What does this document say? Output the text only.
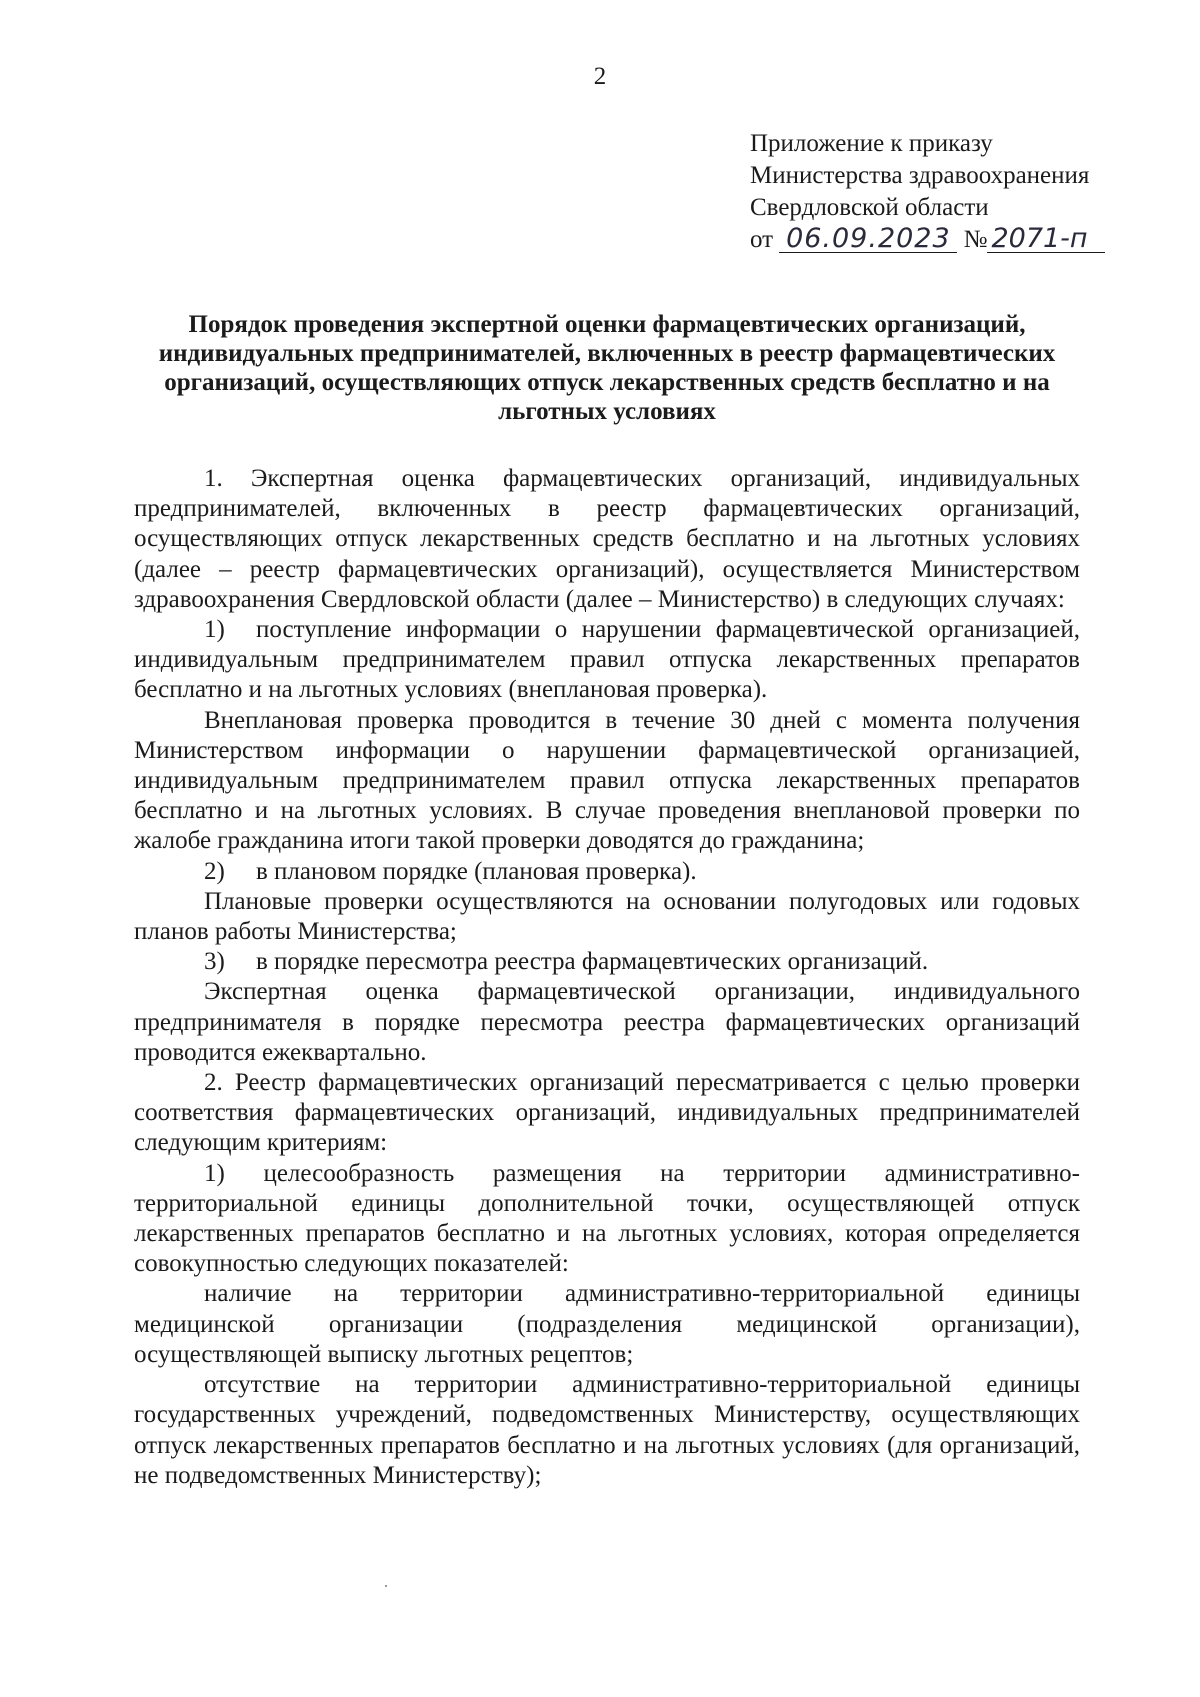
2
Приложение к приказу
Министерства здравоохранения
Свердловской области
от 06.09.2023 № 2071-п
Порядок проведения экспертной оценки фармацевтических организаций, индивидуальных предпринимателей, включенных в реестр фармацевтических организаций, осуществляющих отпуск лекарственных средств бесплатно и на льготных условиях

1. Экспертная оценка фармацевтических организаций, индивидуальных предпринимателей, включенных в реестр фармацевтических организаций, осуществляющих отпуск лекарственных средств бесплатно и на льготных условиях (далее – реестр фармацевтических организаций), осуществляется Министерством здравоохранения Свердловской области (далее – Министерство) в следующих случаях:

1) поступление информации о нарушении фармацевтической организацией, индивидуальным предпринимателем правил отпуска лекарственных препаратов бесплатно и на льготных условиях (внеплановая проверка).

Внеплановая проверка проводится в течение 30 дней с момента получения Министерством информации о нарушении фармацевтической организацией, индивидуальным предпринимателем правил отпуска лекарственных препаратов бесплатно и на льготных условиях. В случае проведения внеплановой проверки по жалобе гражданина итоги такой проверки доводятся до гражданина;

2) в плановом порядке (плановая проверка).

Плановые проверки осуществляются на основании полугодовых или годовых планов работы Министерства;

3) в порядке пересмотра реестра фармацевтических организаций.

Экспертная оценка фармацевтической организации, индивидуального предпринимателя в порядке пересмотра реестра фармацевтических организаций проводится ежеквартально.

2. Реестр фармацевтических организаций пересматривается с целью проверки соответствия фармацевтических организаций, индивидуальных предпринимателей следующим критериям:

1) целесообразность размещения на территории административно-территориальной единицы дополнительной точки, осуществляющей отпуск лекарственных препаратов бесплатно и на льготных условиях, которая определяется совокупностью следующих показателей:

наличие на территории административно-территориальной единицы медицинской организации (подразделения медицинской организации), осуществляющей выписку льготных рецептов;

отсутствие на территории административно-территориальной единицы государственных учреждений, подведомственных Министерству, осуществляющих отпуск лекарственных препаратов бесплатно и на льготных условиях (для организаций, не подведомственных Министерству);
